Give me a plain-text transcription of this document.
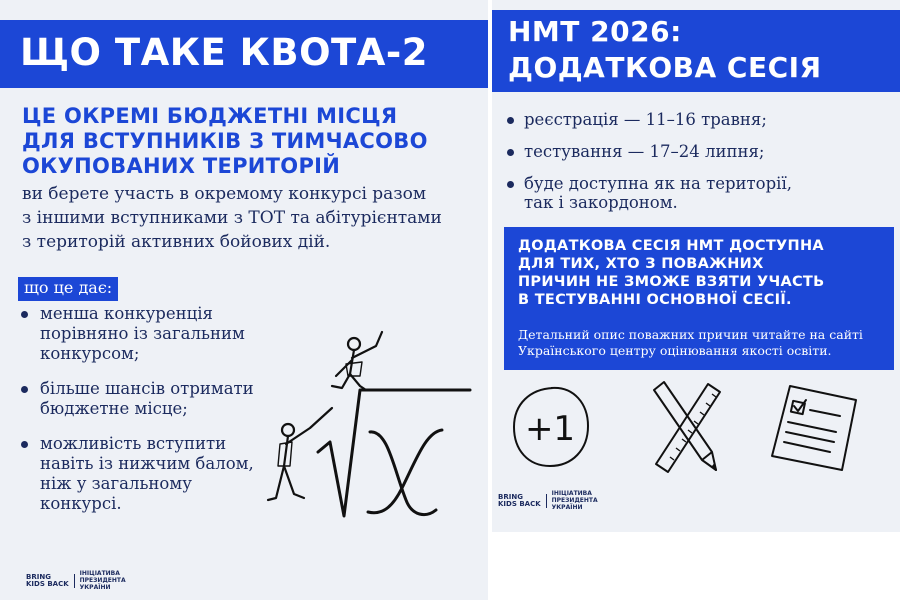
ЩО ТАКЕ КВОТА-2
ЦЕ ОКРЕМІ БЮДЖЕТНІ МІСЦЯ
ДЛЯ ВСТУПНИКІВ З ТИМЧАСОВО
ОКУПОВАНИХ ТЕРИТОРІЙ
ви берете участь в окремому конкурсі разом
з іншими вступниками з ТОТ та абітурієнтами
з територій активних бойових дій.
що це дає:
менша конкуренція
порівняно із загальним
конкурсом;
більше шансів отримати
бюджетне місце;
можливість вступити
навіть із нижчим балом,
ніж у загальному
конкурсі.
НМТ 2026:
ДОДАТКОВА СЕСІЯ
реєстрація — 11–16 травня;
тестування — 17–24 липня;
буде доступна як на території,
так і закордоном.
ДОДАТКОВА СЕСІЯ НМТ ДОСТУПНА
ДЛЯ ТИХ, ХТО З ПОВАЖНИХ
ПРИЧИН НЕ ЗМОЖЕ ВЗЯТИ УЧАСТЬ
В ТЕСТУВАННІ ОСНОВНОЇ СЕСІЇ.
Детальний опис поважних причин читайте на сайті
Українського центру оцінювання якості освіти.
+1
BRING
KIDS BACK
ІНІЦІАТИВА
ПРЕЗИДЕНТА
УКРАЇНИ
BRING
KIDS BACK
ІНІЦІАТИВА
ПРЕЗИДЕНТА
УКРАЇНИ
